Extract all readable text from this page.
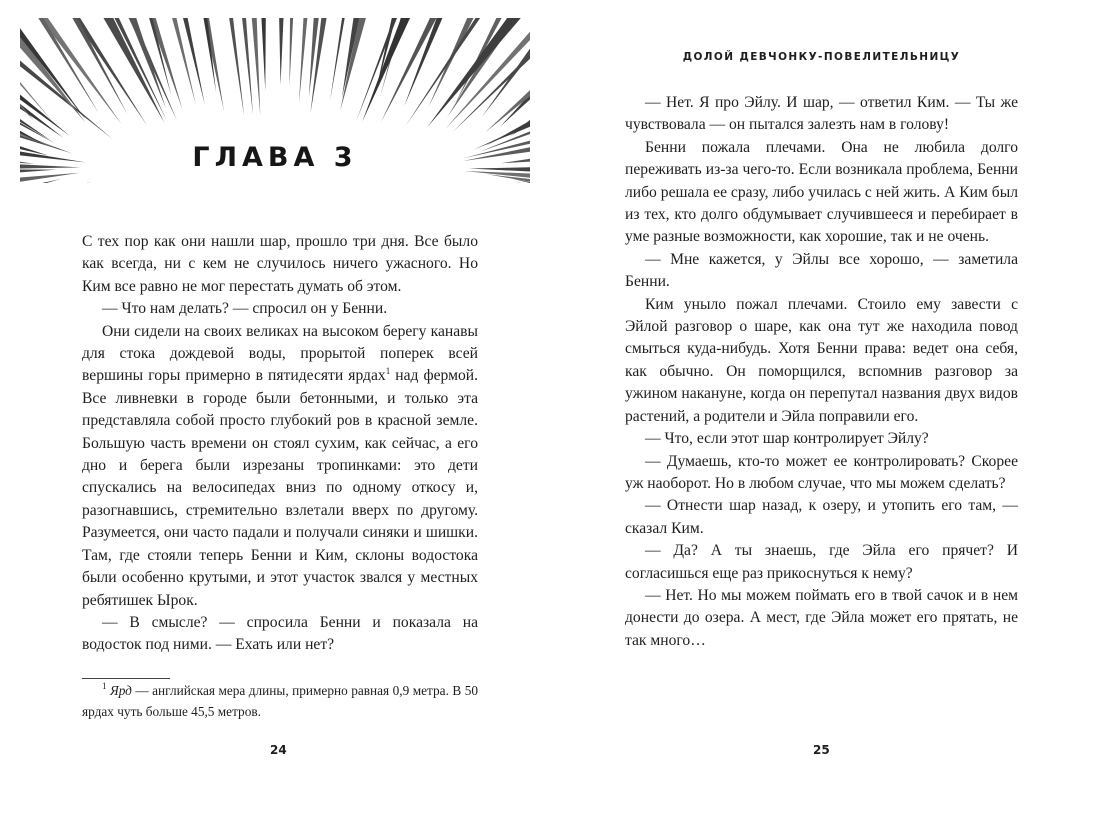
ГЛАВА 3

С тех пор как они нашли шар, прошло три дня. Все было как всегда, ни с кем не случилось ничего ужасного. Но Ким все равно не мог перестать думать об этом.

— Что нам делать? — спросил он у Бенни.

Они сидели на своих великах на высоком берегу канавы для стока дождевой воды, прорытой поперек всей вершины горы примерно в пятидесяти ярдах$^1$ над фермой. Все ливневки в городе были бетонными, и только эта представляла собой просто глубокий ров в красной земле. Большую часть времени он стоял сухим, как сейчас, а его дно и берега были изрезаны тропинками: это дети спускались на велосипедах вниз по одному откосу и, разогнавшись, стремительно взлетали вверх по другому. Разумеется, они часто падали и получали синяки и шишки. Там, где стояли теперь Бенни и Ким, склоны водостока были особенно крутыми, и этот участок звался у местных ребятишек Ырок.

— В смысле? — спросила Бенни и показала на водосток под ними. — Ехать или нет?

$^1$ Ярд — английская мера длины, примерно равная 0,9 метра. В 50 ярдах чуть больше 45,5 метров.

24
ДОЛОЙ ДЕВЧОНКУ-ПОВЕЛИТЕЛЬНИЦУ

— Нет. Я про Эйлу. И шар, — ответил Ким. — Ты же чувствовала — он пытался залезть нам в голову!

Бенни пожала плечами. Она не любила долго переживать из-за чего-то. Если возникала проблема, Бенни либо решала ее сразу, либо училась с ней жить. А Ким был из тех, кто долго обдумывает случившееся и перебирает в уме разные возможности, как хорошие, так и не очень.

— Мне кажется, у Эйлы все хорошо, — заметила Бенни.

Ким уныло пожал плечами. Стоило ему завести с Эйлой разговор о шаре, как она тут же находила повод смыться куда-нибудь. Хотя Бенни права: ведет она себя, как обычно. Он поморщился, вспомнив разговор за ужином накануне, когда он перепутал названия двух видов растений, а родители и Эйла поправили его.

— Что, если этот шар контролирует Эйлу?

— Думаешь, кто-то может ее контролировать? Скорее уж наоборот. Но в любом случае, что мы можем сделать?

— Отнести шар назад, к озеру, и утопить его там, — сказал Ким.

— Да? А ты знаешь, где Эйла его прячет? И согласишься еще раз прикоснуться к нему?

— Нет. Но мы можем поймать его в твой сачок и в нем донести до озера. А мест, где Эйла может его прятать, не так много…

25
